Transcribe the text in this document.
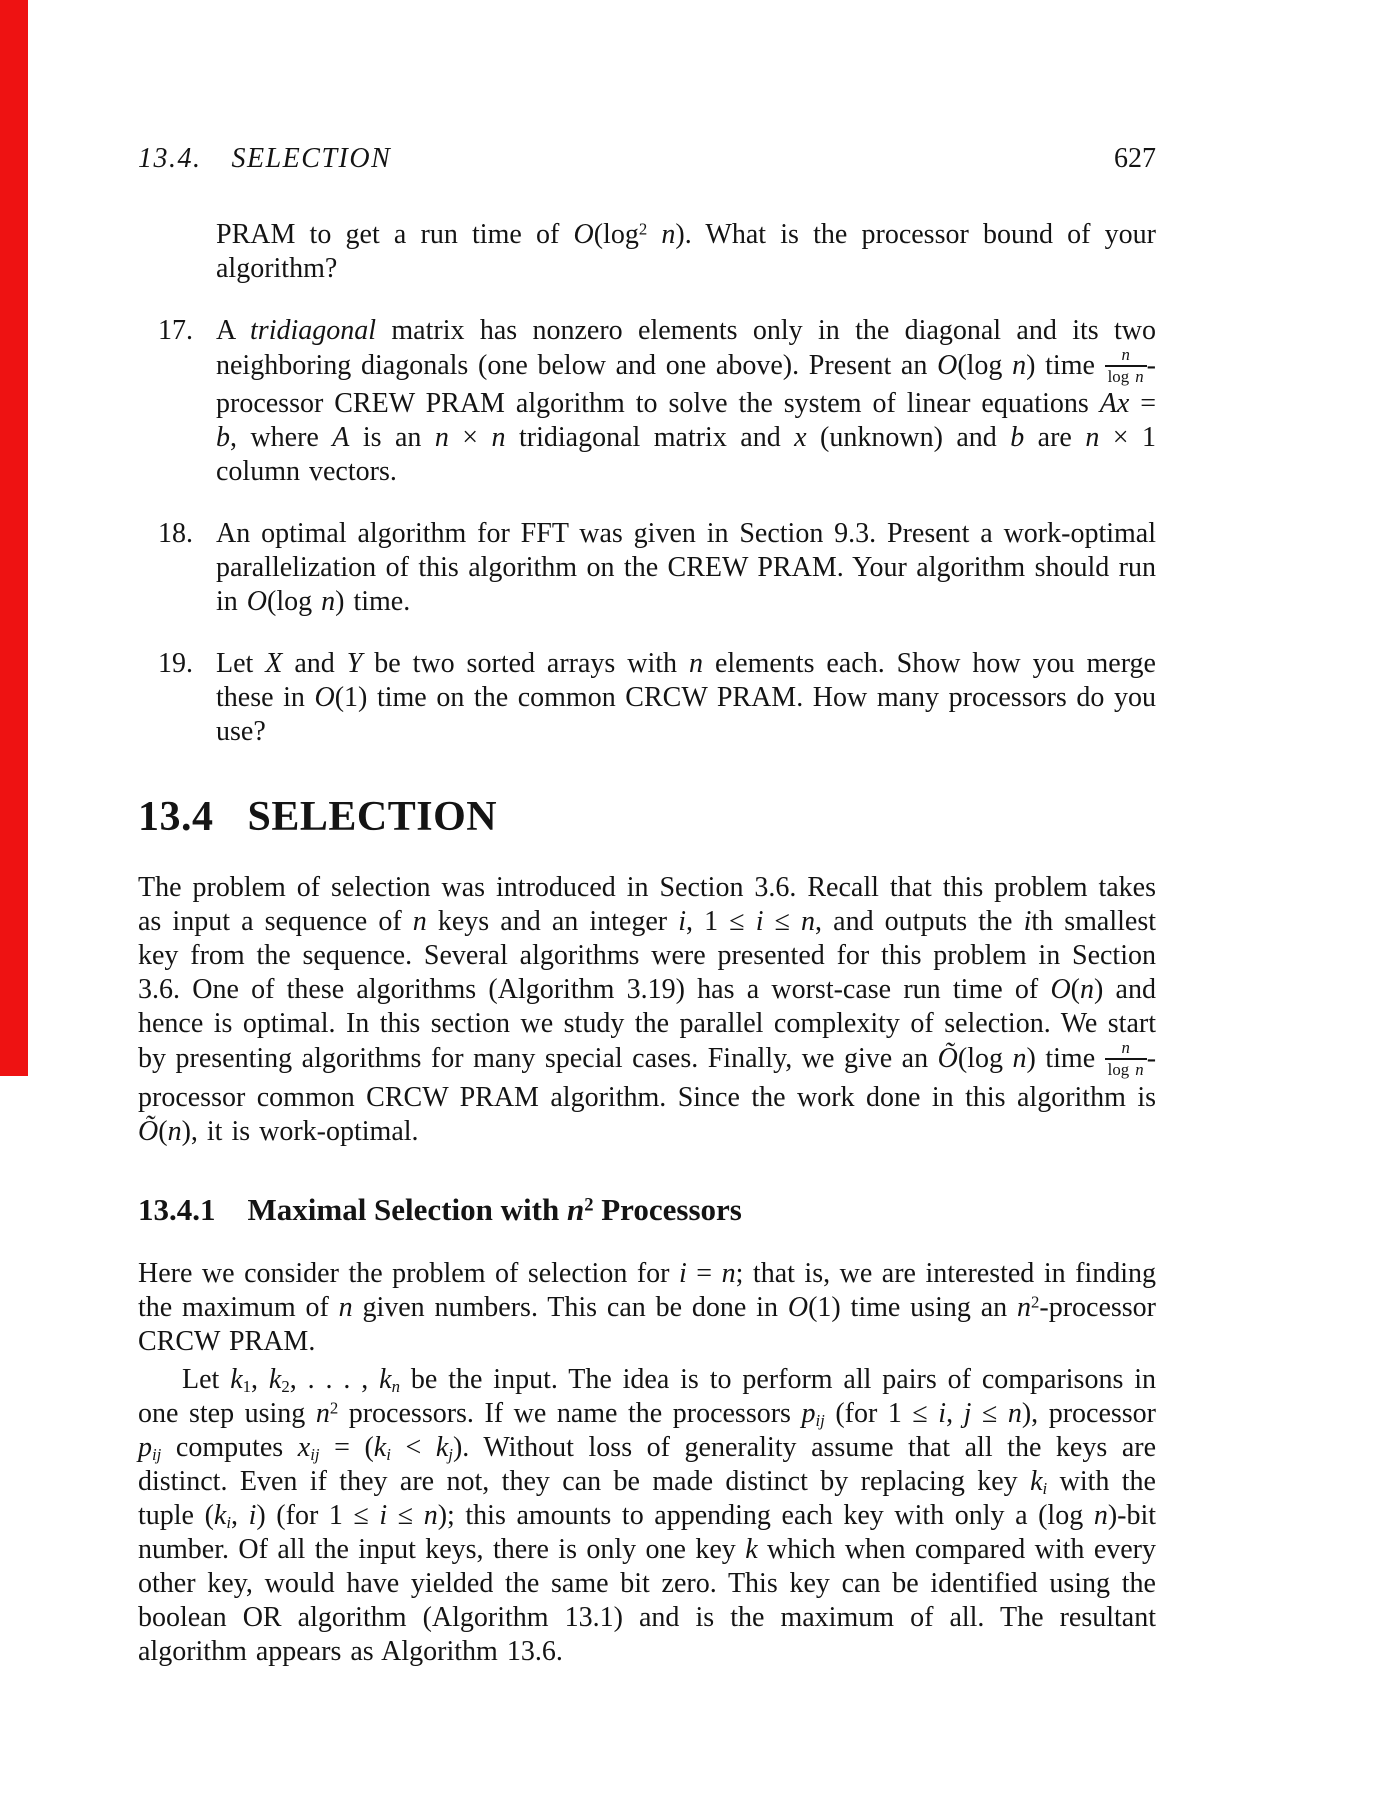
13.4. SELECTION	627

PRAM to get a run time of $O(\log^2$ n). What is the processor bound of your algorithm?

17. A tridiagonal matrix has nonzero elements only in the diagonal and its two neighboring diagonals (one below and one above). Present an O(log n) time $\frac{n}{\text{log n}}$ -processor CREW PRAM algorithm to solve the system of linear equations Ax = b, where A is an n × n tridiagonal matrix and x (unknown) and b are n × 1 column vectors.

18. An optimal algorithm for FFT was given in Section 9.3. Present a work-optimal parallelization of this algorithm on the CREW PRAM. Your algorithm should run in O(log n) time.

19. Let X and Y be two sorted arrays with n elements each. Show how you merge these in O(1) time on the common CRCW PRAM. How many processors do you use?

13.4 SELECTION

The problem of selection was introduced in Section 3.6. Recall that this problem takes as input a sequence of n keys and an integer i, 1 ≤ i ≤ n, and outputs the ith smallest key from the sequence. Several algorithms were presented for this problem in Section 3.6. One of these algorithms (Algorithm 3.19) has a worst-case run time of O(n) and hence is optimal. In this section we study the parallel complexity of selection. We start by presenting algorithms for many special cases. Finally, we give an Õ(log n) time $\frac{n}{\text{log n}}$ -processor common CRCW PRAM algorithm. Since the work done in this algorithm is Õ(n), it is work-optimal.

13.4.1 Maximal Selection with $n^2$ Processors

Here we consider the problem of selection for i = n; that is, we are interested in finding the maximum of n given numbers. This can be done in O(1) time using an $n^2$-processor CRCW PRAM.

Let $k_1$, $k_2$, . . . , $k_n$ be the input. The idea is to perform all pairs of comparisons in one step using $n^2$ processors. If we name the processors $p_{ij}$ (for 1 ≤ i, j ≤ n), processor $p_{ij}$ computes $x_{ij} = (k_i < k_j)$. Without loss of generality assume that all the keys are distinct. Even if they are not, they can be made distinct by replacing key $k_i$ with the tuple ($k_i$, i) (for 1 ≤ i ≤ n); this amounts to appending each key with only a (log n)-bit number. Of all the input keys, there is only one key k which when compared with every other key, would have yielded the same bit zero. This key can be identified using the boolean OR algorithm (Algorithm 13.1) and is the maximum of all. The resultant algorithm appears as Algorithm 13.6.
